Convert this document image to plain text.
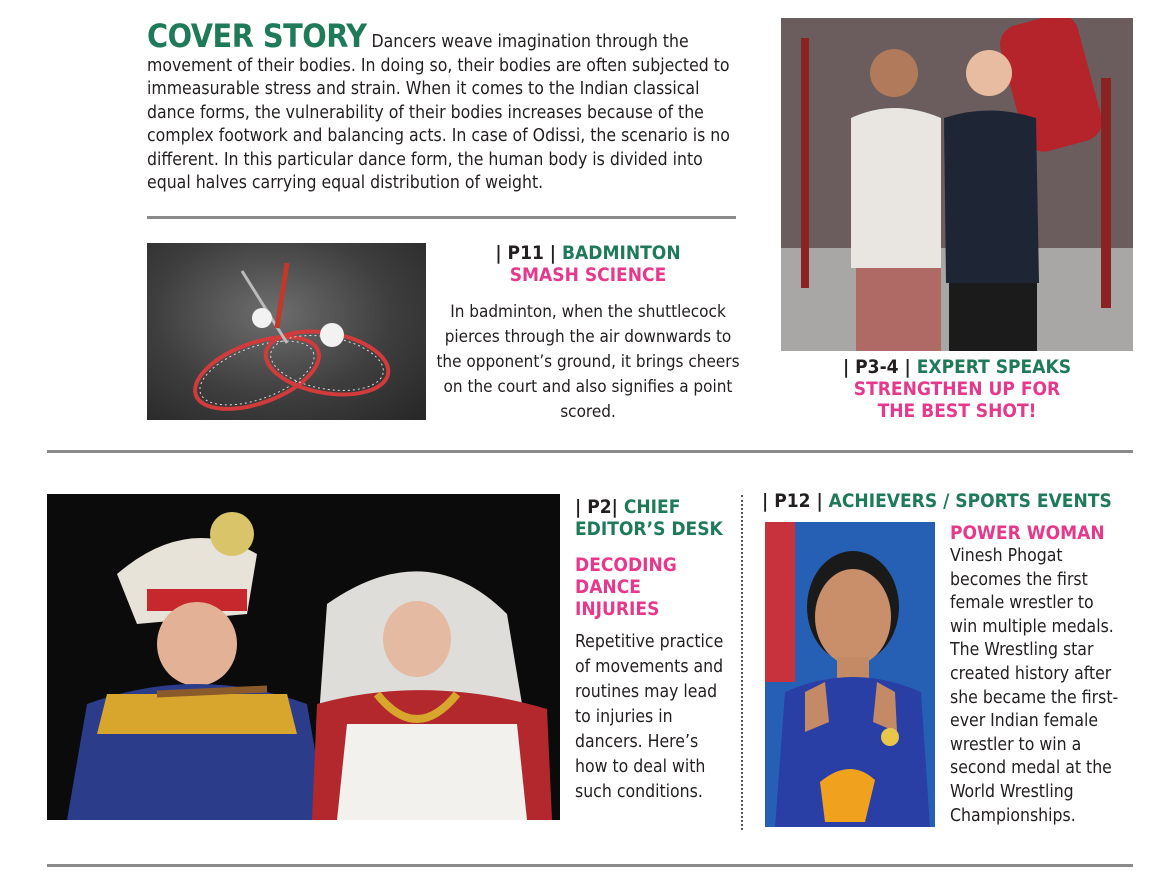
COVER STORY Dancers weave imagination through the movement of their bodies. In doing so, their bodies are often subjected to immeasurable stress and strain. When it comes to the Indian classical dance forms, the vulnerability of their bodies increases because of the complex footwork and balancing acts. In case of Odissi, the scenario is no different. In this particular dance form, the human body is divided into equal halves carrying equal distribution of weight.
| P11 | BADMINTON
SMASH SCIENCE
In badminton, when the shuttlecock pierces through the air downwards to the opponent’s ground, it brings cheers on the court and also signifies a point scored.
| P3-4 | EXPERT SPEAKS
STRENGTHEN UP FOR
THE BEST SHOT!
| P2| CHIEF
EDITOR’S DESK
DECODING
DANCE
INJURIES
Repetitive practice of movements and routines may lead to injuries in dancers. Here’s how to deal with such conditions.
| P12 | ACHIEVERS / SPORTS EVENTS
POWER WOMAN
Vinesh Phogat becomes the first female wrestler to win multiple medals. The Wrestling star created history after she became the first-ever Indian female wrestler to win a second medal at the World Wrestling Championships.
